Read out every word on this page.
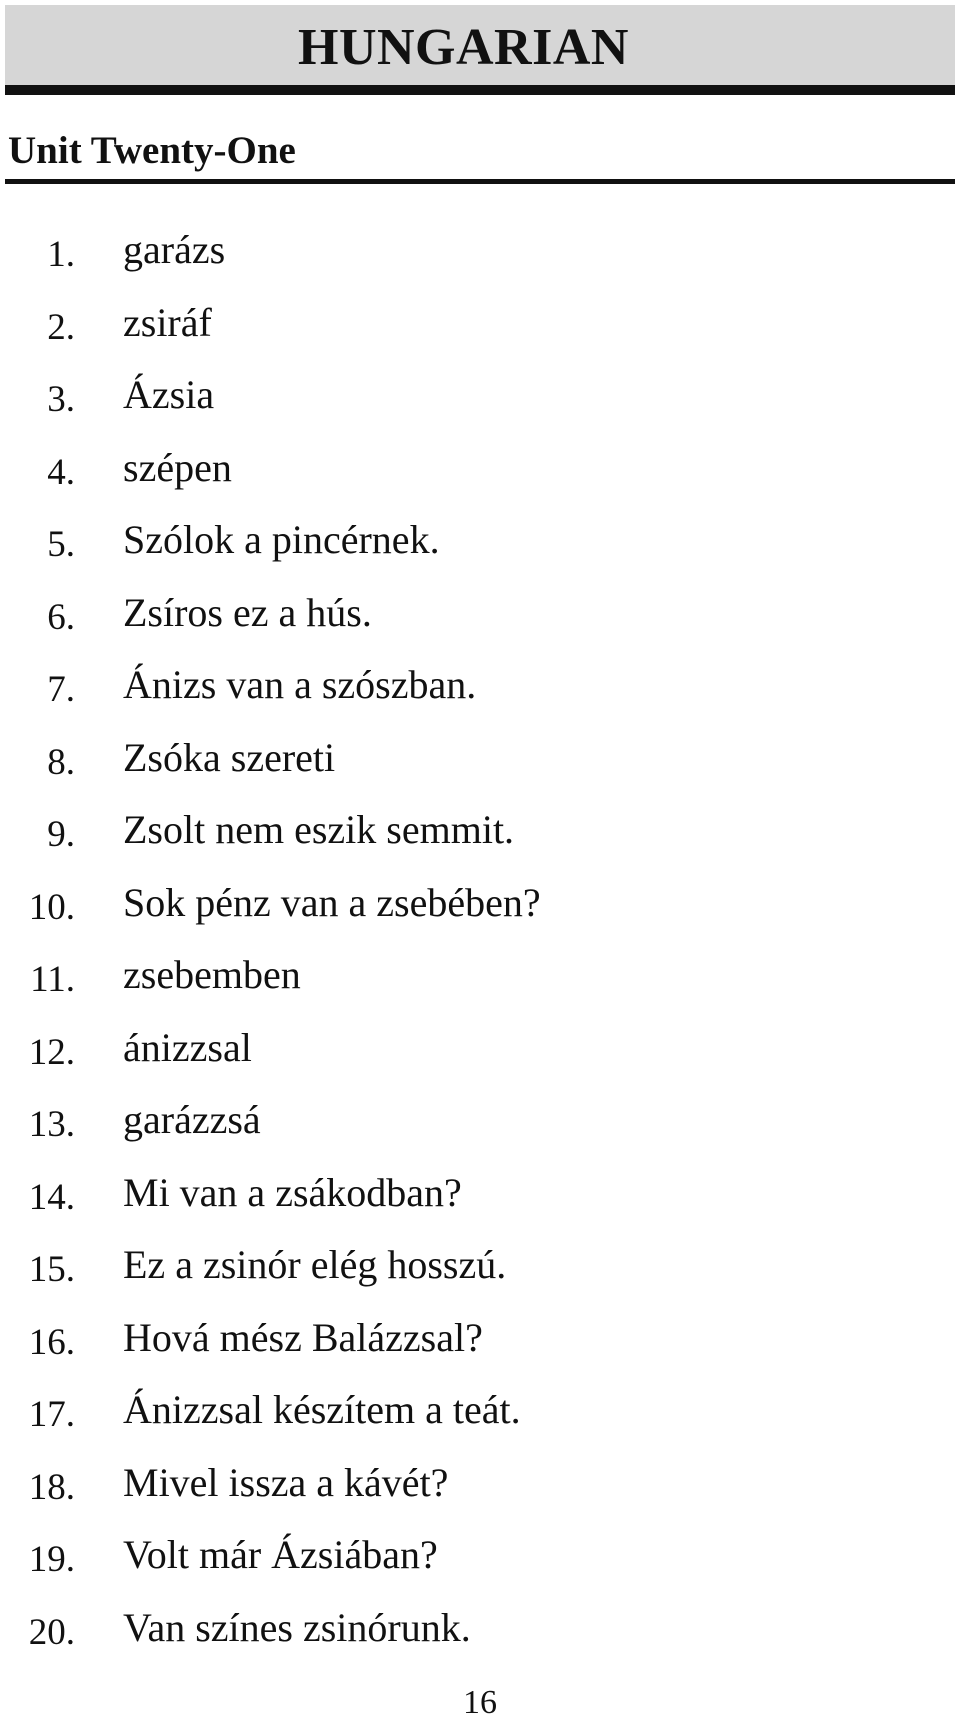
HUNGARIAN
Unit Twenty-One
1. garázs
2. zsiráf
3. Ázsia
4. szépen
5. Szólok a pincérnek.
6. Zsíros ez a hús.
7. Ánizs van a szószban.
8. Zsóka szereti
9. Zsolt nem eszik semmit.
10. Sok pénz van a zsebében?
11. zsebemben
12. ánizzsal
13. garázzsá
14. Mi van a zsákodban?
15. Ez a zsinór elég hosszú.
16. Hová mész Balázzsal?
17. Ánizzsal készítem a teát.
18. Mivel issza a kávét?
19. Volt már Ázsiában?
20. Van színes zsinórunk.
16
